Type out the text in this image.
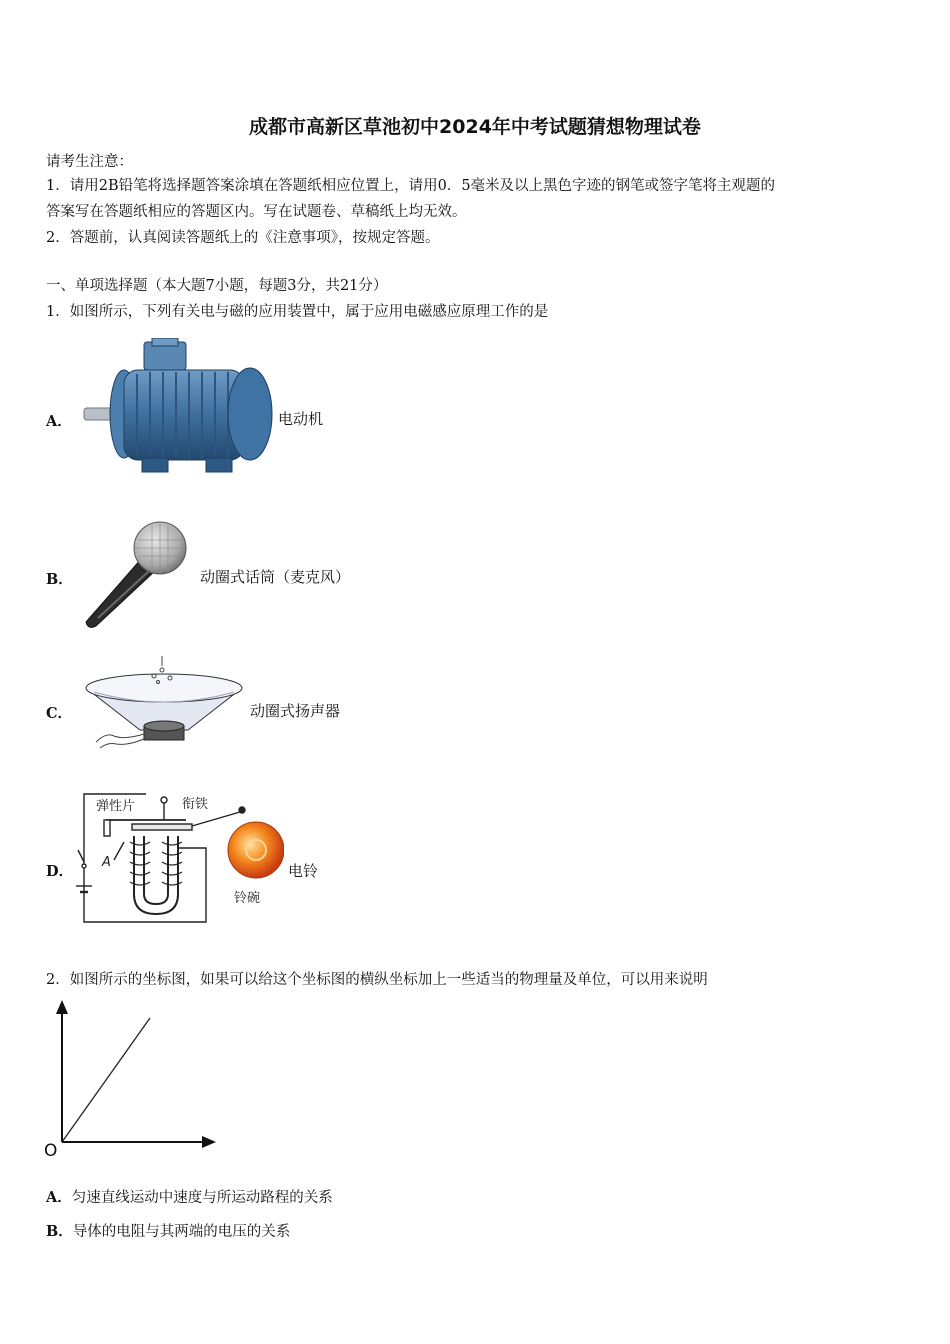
成都市高新区草池初中2024年中考试题猜想物理试卷
请考生注意：
1．请用2B铅笔将选择题答案涂填在答题纸相应位置上，请用0．5毫米及以上黑色字迹的钢笔或签字笔将主观题的
答案写在答题纸相应的答题区内。写在试题卷、草稿纸上均无效。
2．答题前，认真阅读答题纸上的《注意事项》，按规定答题。
一、单项选择题（本大题7小题，每题3分，共21分）
1．如图所示，下列有关电与磁的应用装置中，属于应用电磁感应原理工作的是
A．	电动机
B．	动圈式话筒（麦克风）
C．	动圈式扬声器
D．
弹性片	衔铁
A
铃碗
电铃
2．如图所示的坐标图，如果可以给这个坐标图的横纵坐标加上一些适当的物理量及单位，可以用来说明
O
A．匀速直线运动中速度与所运动路程的关系
B．导体的电阻与其两端的电压的关系
